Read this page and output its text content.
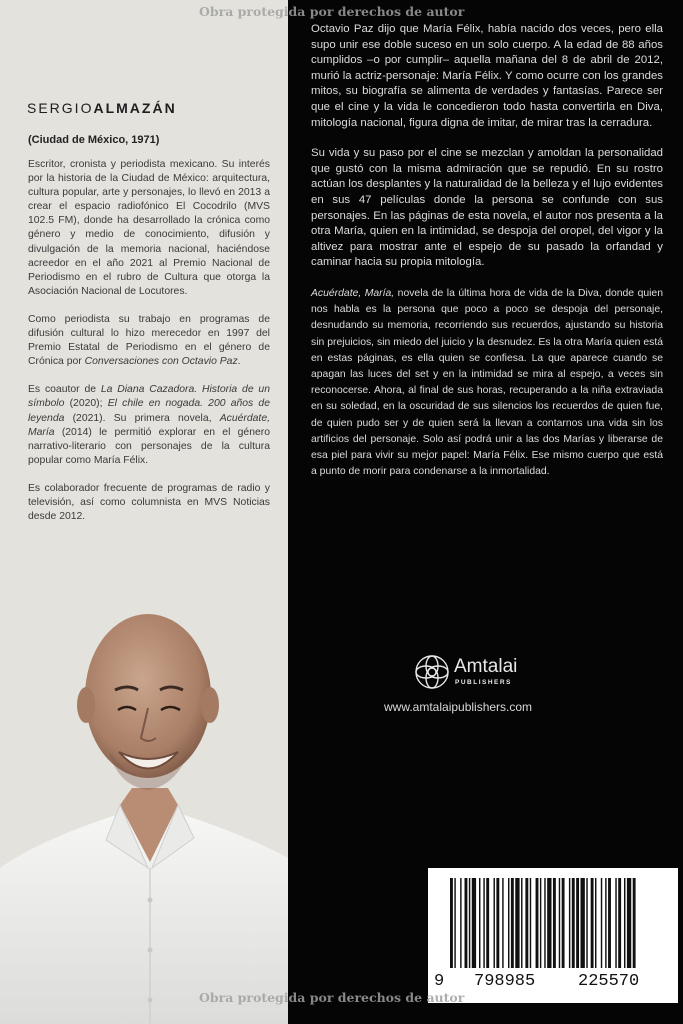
SERGIOALMAZÁN
(Ciudad de México, 1971)

Escritor, cronista y periodista mexicano. Su interés por la historia de la Ciudad de México: arquitectura, cultura popular, arte y personajes, lo llevó en 2013 a crear el espacio radiofónico El Cocodrilo (MVS 102.5 FM), donde ha desarrollado la crónica como género y medio de conocimiento, difusión y divulgación de la memoria nacional, haciéndose acreedor en el año 2021 al Premio Nacional de Periodismo en el rubro de Cultura que otorga la Asociación Nacional de Locutores.

Como periodista su trabajo en programas de difusión cultural lo hizo merecedor en 1997 del Premio Estatal de Periodismo en el género de Crónica por Conversaciones con Octavio Paz.

Es coautor de La Diana Cazadora. Historia de un símbolo (2020); El chile en nogada. 200 años de leyenda (2021). Su primera novela, Acuérdate, María (2014) le permitió explorar en el género narrativo-literario con personajes de la cultura popular como María Félix.

Es colaborador frecuente de programas de radio y televisión, así como columnista en MVS Noticias desde 2012.

Octavio Paz dijo que María Félix, había nacido dos veces, pero ella supo unir ese doble suceso en un solo cuerpo. A la edad de 88 años cumplidos –o por cumplir– aquella mañana del 8 de abril de 2012, murió la actriz-personaje: María Félix. Y como ocurre con los grandes mitos, su biografía se alimenta de verdades y fantasías. Parece ser que el cine y la vida le concedieron todo hasta convertirla en Diva, mitología nacional, figura digna de imitar, de mirar tras la cerradura.

Su vida y su paso por el cine se mezclan y amoldan la personalidad que gustó con la misma admiración que se repudió. En su rostro actúan los desplantes y la naturalidad de la belleza y el lujo evidentes en sus 47 películas donde la persona se confunde con sus personajes. En las páginas de esta novela, el autor nos presenta a la otra María, quien en la intimidad, se despoja del oropel, del vigor y la altivez para mostrar ante el espejo de su pasado la orfandad y caminar hacia su propia mitología.

Acuérdate, María, novela de la última hora de vida de la Diva, donde quien nos habla es la persona que poco a poco se despoja del personaje, desnudando su memoria, recorriendo sus recuerdos, ajustando su historia sin prejuicios, sin miedo del juicio y la desnudez. Es la otra María quien está en estas páginas, es ella quien se confiesa. La que aparece cuando se apagan las luces del set y en la intimidad se mira al espejo, a veces sin reconocerse. Ahora, al final de sus horas, recuperando a la niña extraviada en su soledad, en la oscuridad de sus silencios los recuerdos de quien fue, de quien pudo ser y de quien será la llevan a contarnos una vida sin los artificios del personaje. Solo así podrá unir a las dos Marías y liberarse de esa piel para vivir su mejor papel: María Félix. Ese mismo cuerpo que está a punto de morir para condenarse a la inmortalidad.

Amtalai
PUBLISHERS
www.amtalaipublishers.com
9 798985	225570
Obra protegida por derechos de autor
Obra protegida por derechos de autor
